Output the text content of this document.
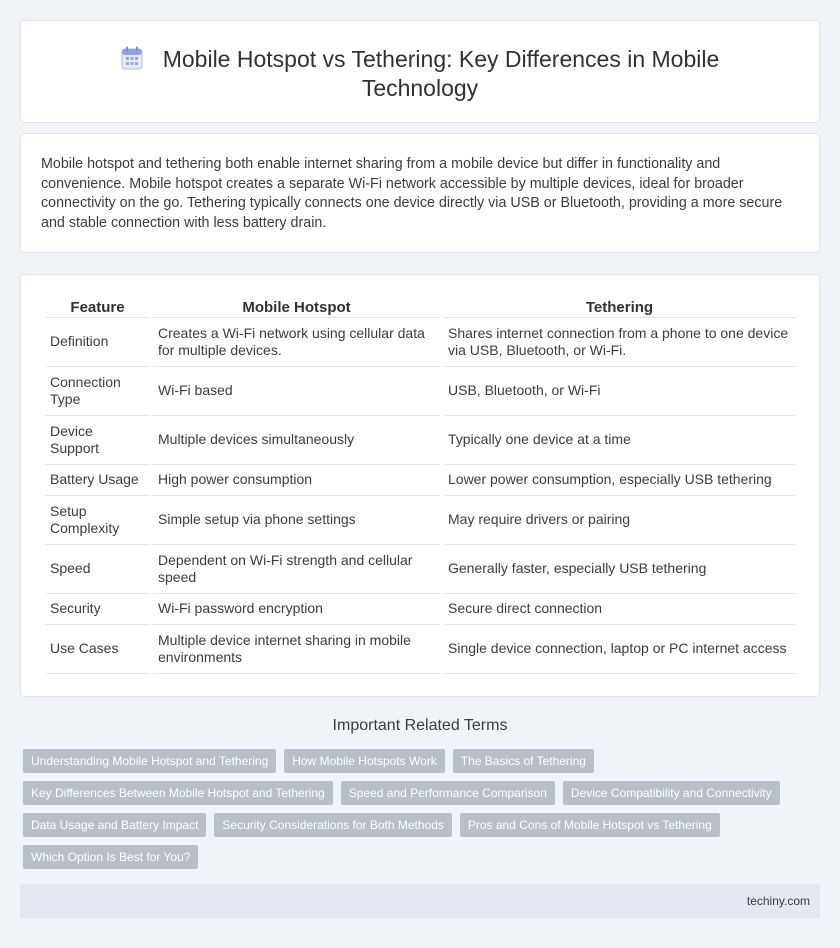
Mobile Hotspot vs Tethering: Key Differences in Mobile
Technology

Mobile hotspot and tethering both enable internet sharing from a mobile device but differ in functionality and convenience. Mobile hotspot creates a separate Wi-Fi network accessible by multiple devices, ideal for broader connectivity on the go. Tethering typically connects one device directly via USB or Bluetooth, providing a more secure and stable connection with less battery drain.

Feature	Mobile Hotspot	Tethering
Definition	Creates a Wi-Fi network using cellular data for multiple devices.	Shares internet connection from a phone to one device via USB, Bluetooth, or Wi-Fi.
Connection Type	Wi-Fi based	USB, Bluetooth, or Wi-Fi
Device Support	Multiple devices simultaneously	Typically one device at a time
Battery Usage	High power consumption	Lower power consumption, especially USB tethering
Setup Complexity	Simple setup via phone settings	May require drivers or pairing
Speed	Dependent on Wi-Fi strength and cellular speed	Generally faster, especially USB tethering
Security	Wi-Fi password encryption	Secure direct connection
Use Cases	Multiple device internet sharing in mobile environments	Single device connection, laptop or PC internet access
Important Related Terms
Understanding Mobile Hotspot and Tethering	How Mobile Hotspots Work	The Basics of Tethering
Key Differences Between Mobile Hotspot and Tethering	Speed and Performance Comparison	Device Compatibility and Connectivity
Data Usage and Battery Impact	Security Considerations for Both Methods	Pros and Cons of Mobile Hotspot vs Tethering
Which Option Is Best for You?
techiny.com
